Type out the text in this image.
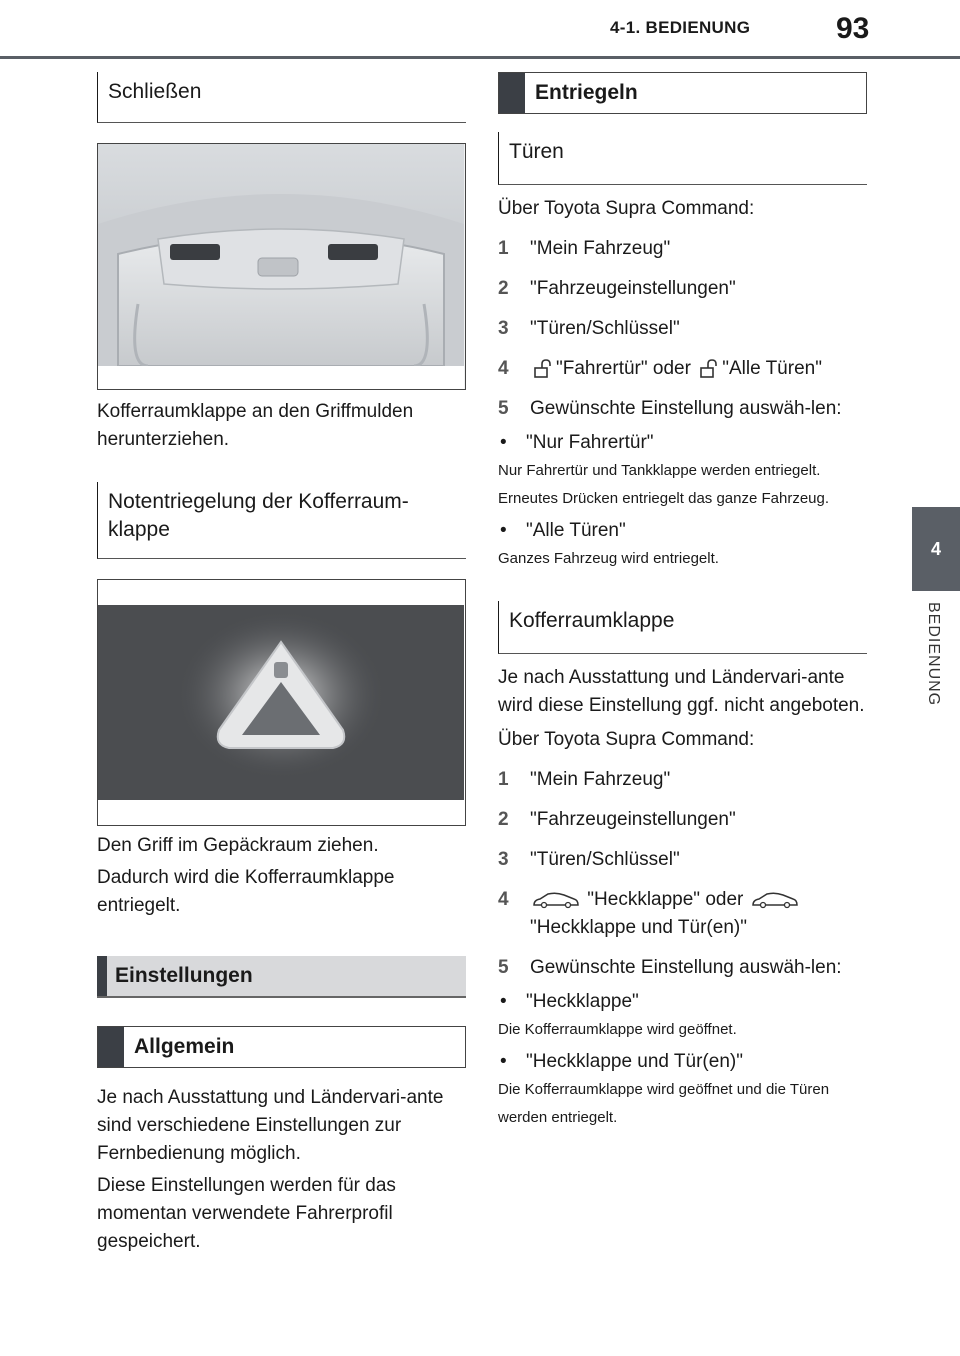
4-1. BEDIENUNG	93
4
BEDIENUNG
Schließen

Kofferraumklappe an den Griffmulden herunterziehen.

Notentriegelung der Kofferraum-klappe

Den Griff im Gepäckraum ziehen.

Dadurch wird die Kofferraumklappe entriegelt.

Einstellungen
Allgemein

Je nach Ausstattung und Ländervari-ante sind verschiedene Einstellungen zur Fernbedienung möglich.

Diese Einstellungen werden für das momentan verwendete Fahrerprofil gespeichert.

Entriegeln
Türen

Über Toyota Supra Command:

1	"Mein Fahrzeug"
2	"Fahrzeugeinstellungen"
3	"Türen/Schlüssel"
4	"Fahrertür" oder "Alle Türen"
5	Gewünschte Einstellung auswäh-len:
•	"Nur Fahrertür"

Nur Fahrertür und Tankklappe werden entriegelt. Erneutes Drücken entriegelt das ganze Fahrzeug.

•	"Alle Türen"

Ganzes Fahrzeug wird entriegelt.

Kofferraumklappe

Je nach Ausstattung und Ländervari-ante wird diese Einstellung ggf. nicht angeboten.

Über Toyota Supra Command:

1	"Mein Fahrzeug"
2	"Fahrzeugeinstellungen"
3	"Türen/Schlüssel"
4	"Heckklappe" oder
"Heckklappe und Tür(en)"
5	Gewünschte Einstellung auswäh-len:
•	"Heckklappe"

Die Kofferraumklappe wird geöffnet.

•	"Heckklappe und Tür(en)"

Die Kofferraumklappe wird geöffnet und die Türen werden entriegelt.
